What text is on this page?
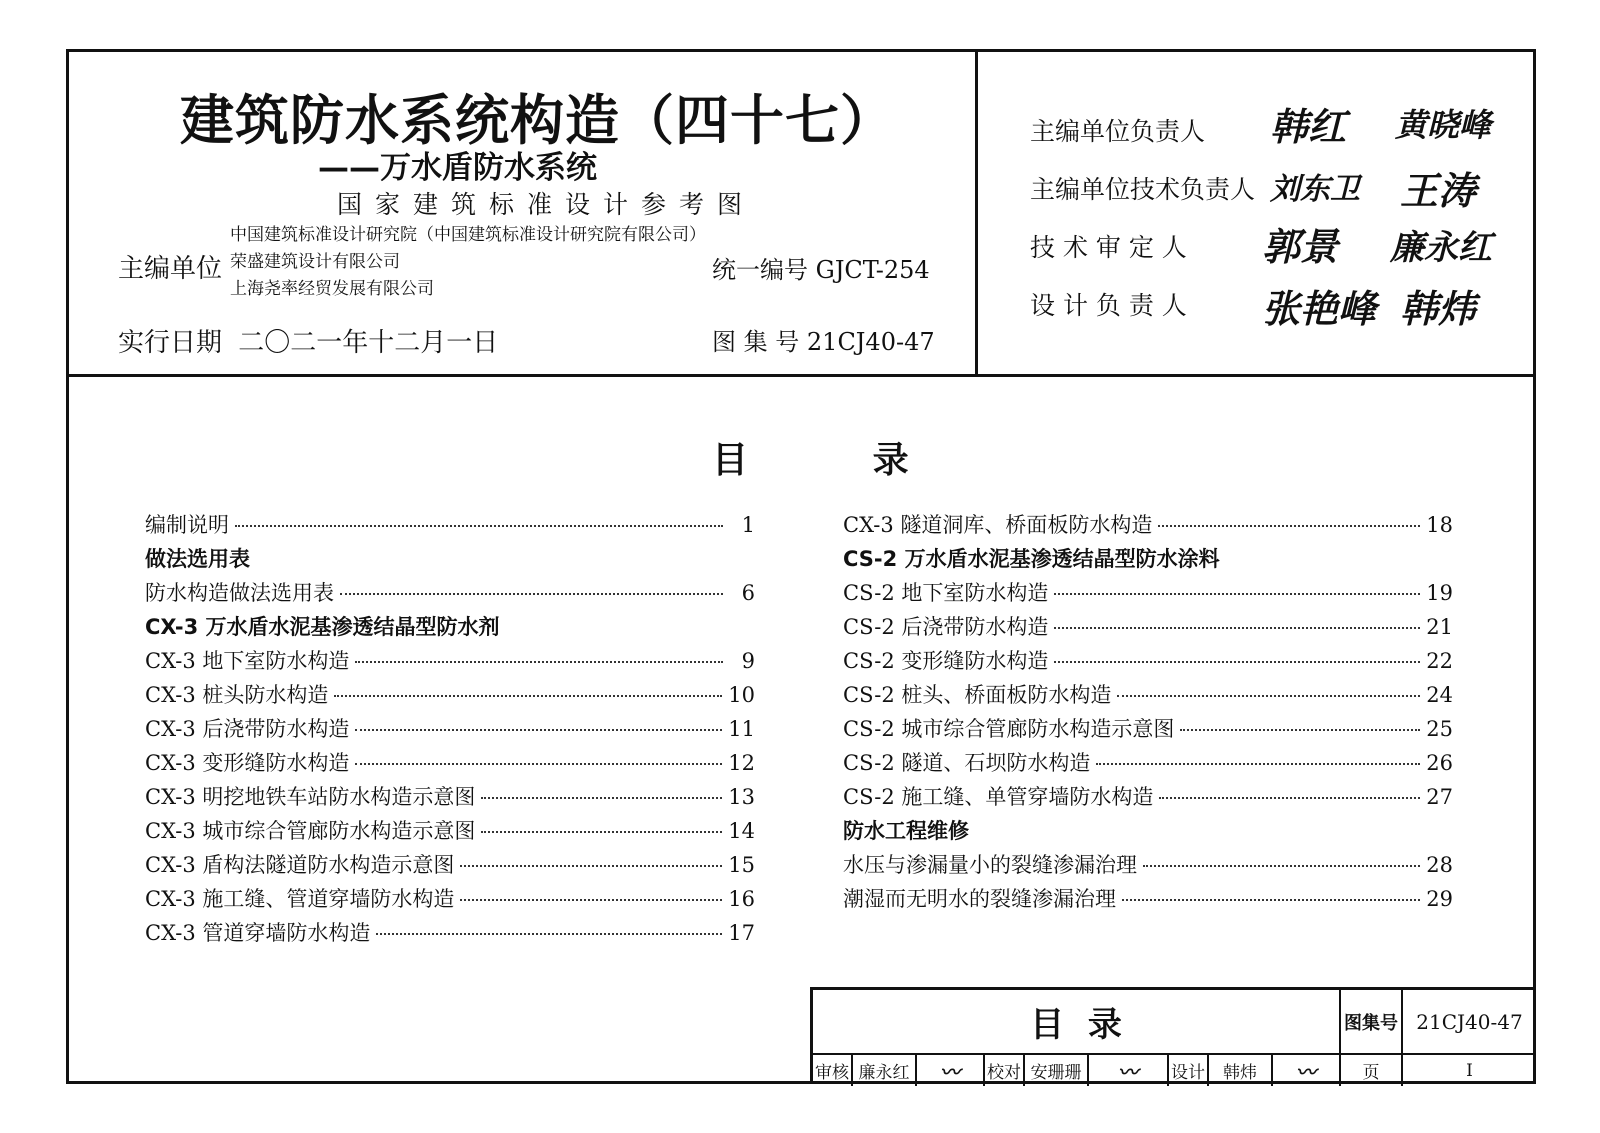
建筑防水系统构造（四十七）
——万水盾防水系统
国家建筑标准设计参考图
主编单位
中国建筑标准设计研究院（中国建筑标准设计研究院有限公司）
荣盛建筑设计有限公司
上海尧率经贸发展有限公司
统一编号 GJCT-254
实行日期 二〇二一年十二月一日	图 集 号 21CJ40-47
主编单位负责人 韩红 黄晓峰
主编单位技术负责人 刘东卫 王涛
技 术 审 定 人 郭景 廉永红
设 计 负 责 人 张艳峰 韩炜
目	录
编制说明	1
做法选用表
防水构造做法选用表	6
CX-3 万水盾水泥基渗透结晶型防水剂
CX-3 地下室防水构造	9
CX-3 桩头防水构造	10
CX-3 后浇带防水构造	11
CX-3 变形缝防水构造	12
CX-3 明挖地铁车站防水构造示意图	13
CX-3 城市综合管廊防水构造示意图	14
CX-3 盾构法隧道防水构造示意图	15
CX-3 施工缝、管道穿墙防水构造	16
CX-3 管道穿墙防水构造	17
CX-3 隧道洞库、桥面板防水构造	18
CS-2 万水盾水泥基渗透结晶型防水涂料
CS-2 地下室防水构造	19
CS-2 后浇带防水构造	21
CS-2 变形缝防水构造	22
CS-2 桩头、桥面板防水构造	24
CS-2 城市综合管廊防水构造示意图	25
CS-2 隧道、石坝防水构造	26
CS-2 施工缝、单管穿墙防水构造	27
防水工程维修
水压与渗漏量小的裂缝渗漏治理	28
潮湿而无明水的裂缝渗漏治理	29
目  录	图集号 21CJ40-47
审核 廉永红	〰	校对 安珊珊	〰	设计	韩炜	〰	页	I
